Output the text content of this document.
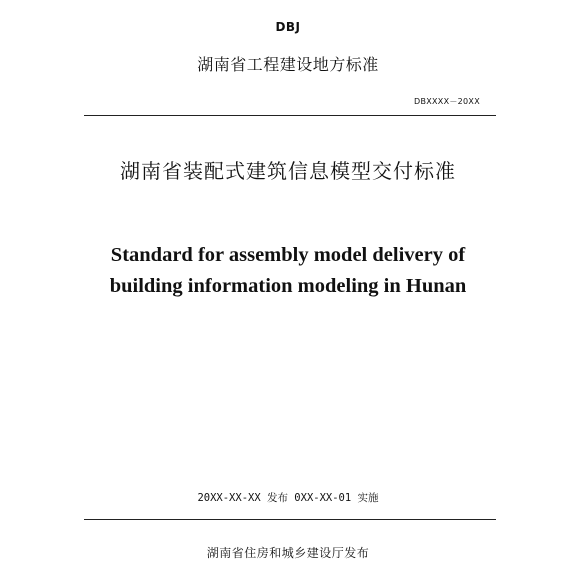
DBJ
湖南省工程建设地方标准
DBXXXX－20XX
湖南省装配式建筑信息模型交付标准
Standard for assembly model delivery of
building information modeling in Hunan
20XX-XX-XX 发布 0XX-XX-01 实施
湖南省住房和城乡建设厅发布
